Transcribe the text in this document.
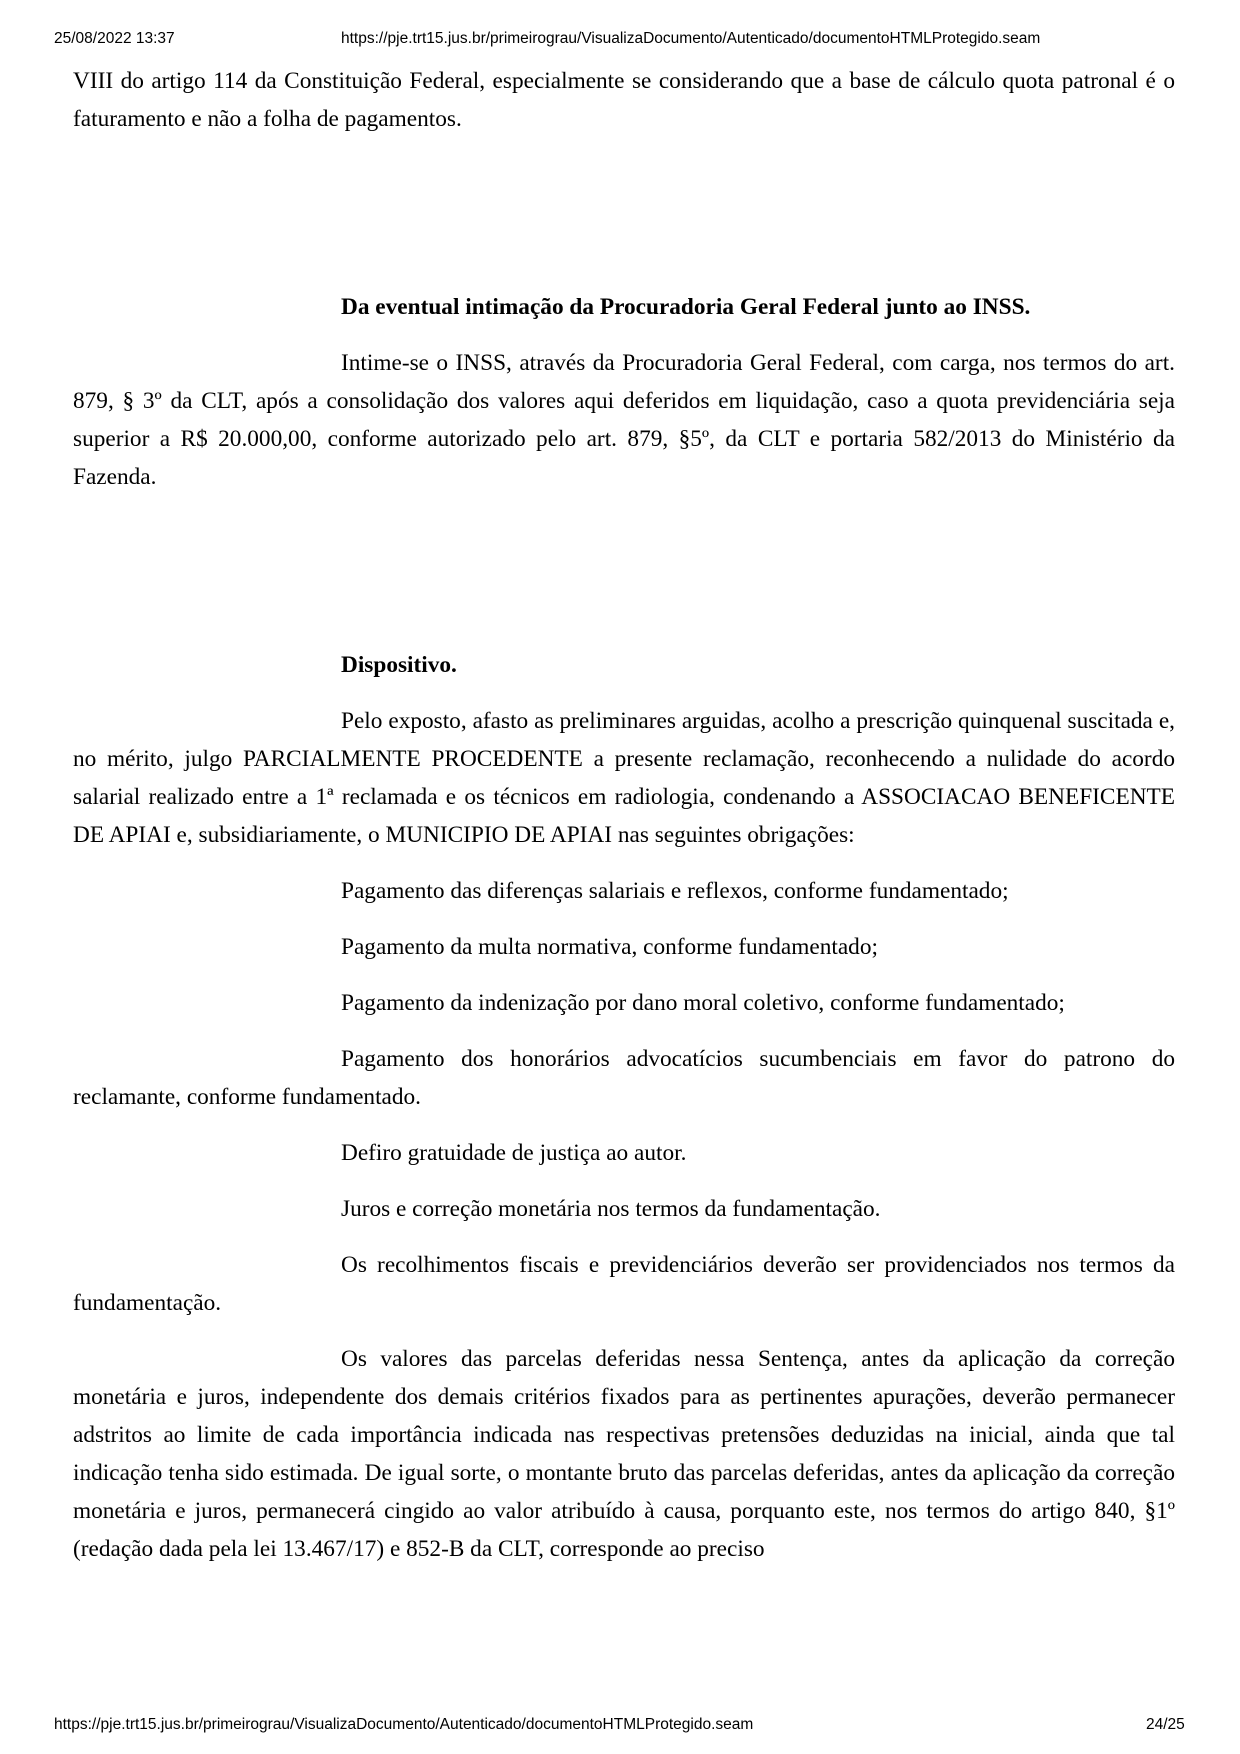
25/08/2022 13:37	https://pje.trt15.jus.br/primeirograu/VisualizaDocumento/Autenticado/documentoHTMLProtegido.seam

VIII do artigo 114 da Constituição Federal, especialmente se considerando que a base de cálculo quota patronal é o faturamento e não a folha de pagamentos.

Da eventual intimação da Procuradoria Geral Federal junto ao INSS.

Intime-se o INSS, através da Procuradoria Geral Federal, com carga, nos termos do art. 879, § 3º da CLT, após a consolidação dos valores aqui deferidos em liquidação, caso a quota previdenciária seja superior a R$ 20.000,00, conforme autorizado pelo art. 879, §5º, da CLT e portaria 582/2013 do Ministério da Fazenda.

Dispositivo.

Pelo exposto, afasto as preliminares arguidas, acolho a prescrição quinquenal suscitada e, no mérito, julgo PARCIALMENTE PROCEDENTE a presente reclamação, reconhecendo a nulidade do acordo salarial realizado entre a 1ª reclamada e os técnicos em radiologia, condenando a ASSOCIACAO BENEFICENTE DE APIAI e, subsidiariamente, o MUNICIPIO DE APIAI nas seguintes obrigações:

Pagamento das diferenças salariais e reflexos, conforme fundamentado;

Pagamento da multa normativa, conforme fundamentado;

Pagamento da indenização por dano moral coletivo, conforme fundamentado;

Pagamento dos honorários advocatícios sucumbenciais em favor do patrono do reclamante, conforme fundamentado.

Defiro gratuidade de justiça ao autor.

Juros e correção monetária nos termos da fundamentação.

Os recolhimentos fiscais e previdenciários deverão ser providenciados nos termos da fundamentação.

Os valores das parcelas deferidas nessa Sentença, antes da aplicação da correção monetária e juros, independente dos demais critérios fixados para as pertinentes apurações, deverão permanecer adstritos ao limite de cada importância indicada nas respectivas pretensões deduzidas na inicial, ainda que tal indicação tenha sido estimada. De igual sorte, o montante bruto das parcelas deferidas, antes da aplicação da correção monetária e juros, permanecerá cingido ao valor atribuído à causa, porquanto este, nos termos do artigo 840, §1º (redação dada pela lei 13.467/17) e 852-B da CLT, corresponde ao preciso

https://pje.trt15.jus.br/primeirograu/VisualizaDocumento/Autenticado/documentoHTMLProtegido.seam	24/25
